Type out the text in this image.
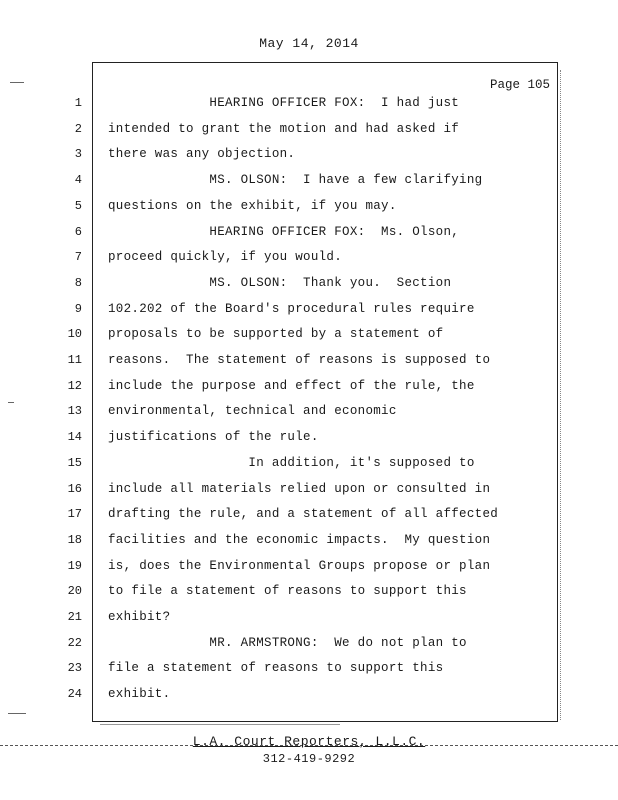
May 14, 2014
Page 105
1 HEARING OFFICER FOX:  I had just
2 intended to grant the motion and had asked if
3 there was any objection.
4 MS. OLSON:  I have a few clarifying
5 questions on the exhibit, if you may.
6 HEARING OFFICER FOX:  Ms. Olson,
7 proceed quickly, if you would.
8 MS. OLSON:  Thank you.  Section
9 102.202 of the Board's procedural rules require
10 proposals to be supported by a statement of
11 reasons.  The statement of reasons is supposed to
12 include the purpose and effect of the rule, the
13 environmental, technical and economic
14 justifications of the rule.
15 In addition, it's supposed to
16 include all materials relied upon or consulted in
17 drafting the rule, and a statement of all affected
18 facilities and the economic impacts.  My question
19 is, does the Environmental Groups propose or plan
20 to file a statement of reasons to support this
21 exhibit?
22 MR. ARMSTRONG:  We do not plan to
23 file a statement of reasons to support this
24 exhibit.
L.A. Court Reporters, L.L.C.
312-419-9292
